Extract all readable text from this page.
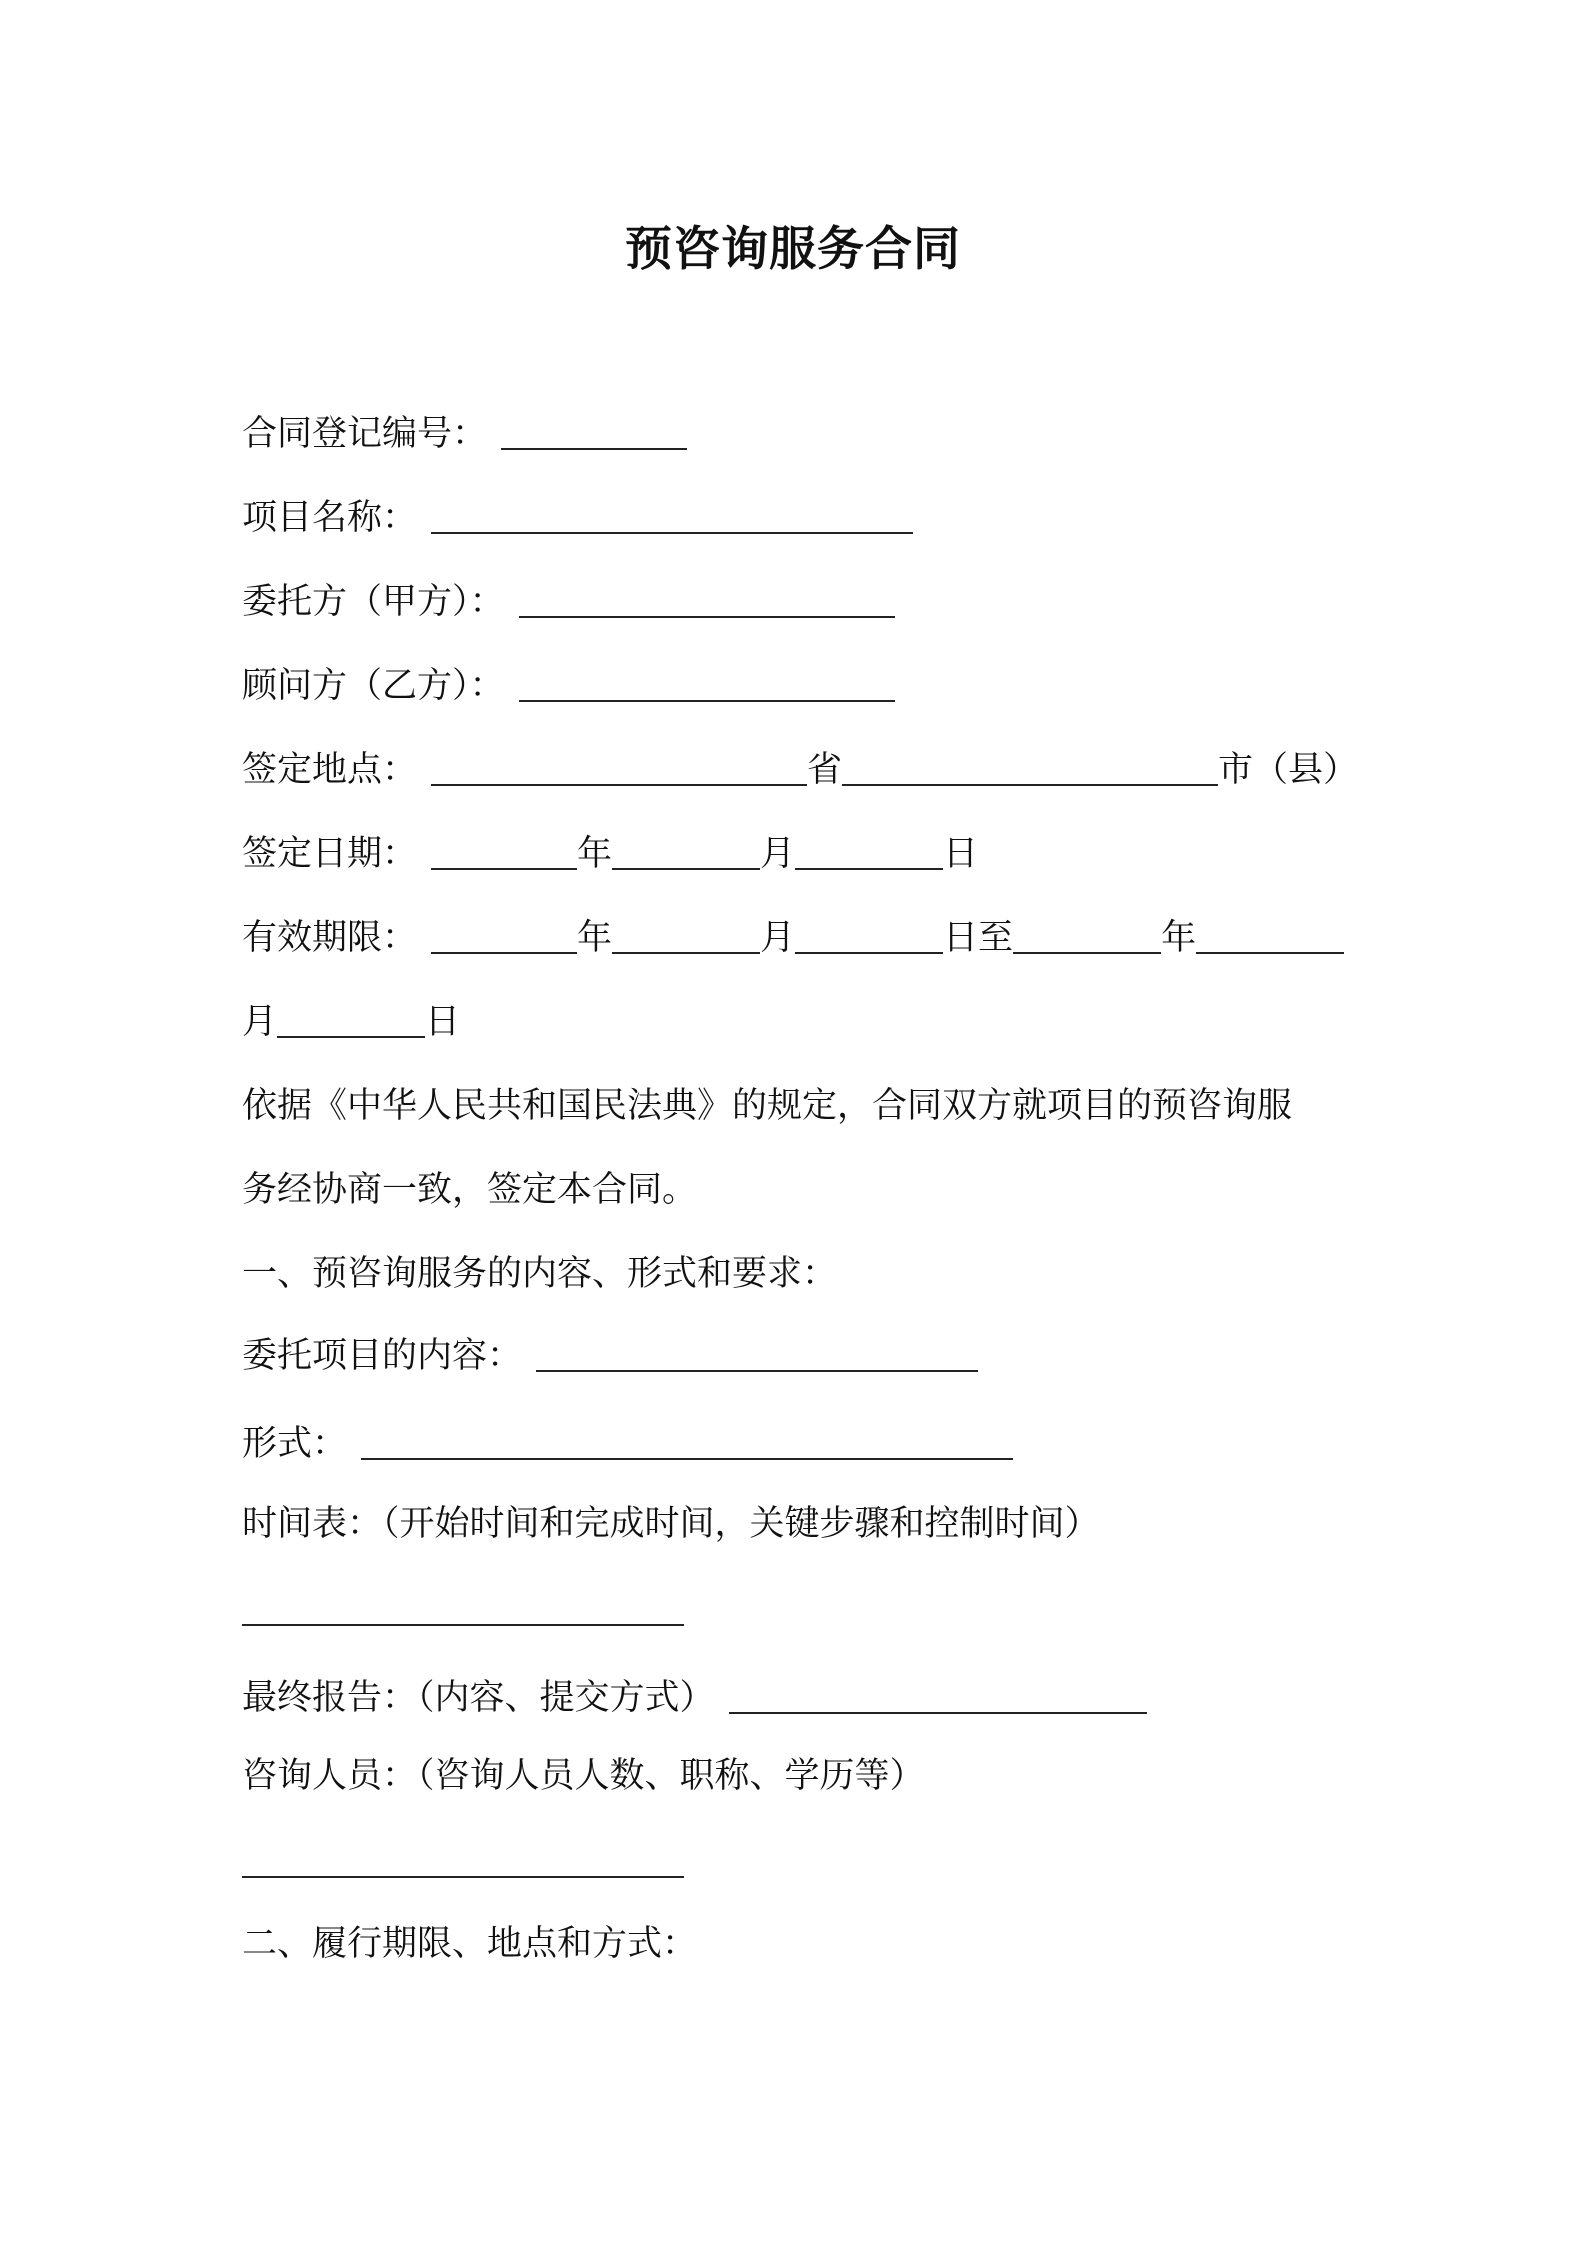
预咨询服务合同
合同登记编号：
项目名称：
委托方（甲方）：
顾问方（乙方）：
签定地点：	省	市（县）
签定日期：	年	月	日
有效期限：	年	月	日至	年
月	日
依据《中华人民共和国民法典》的规定，合同双方就项目的预咨询服
务经协商一致，签定本合同。
一、预咨询服务的内容、形式和要求：
委托项目的内容：
形式：
时间表：（开始时间和完成时间，关键步骤和控制时间）
最终报告：（内容、提交方式）
咨询人员：（咨询人员人数、职称、学历等）
二、履行期限、地点和方式：
